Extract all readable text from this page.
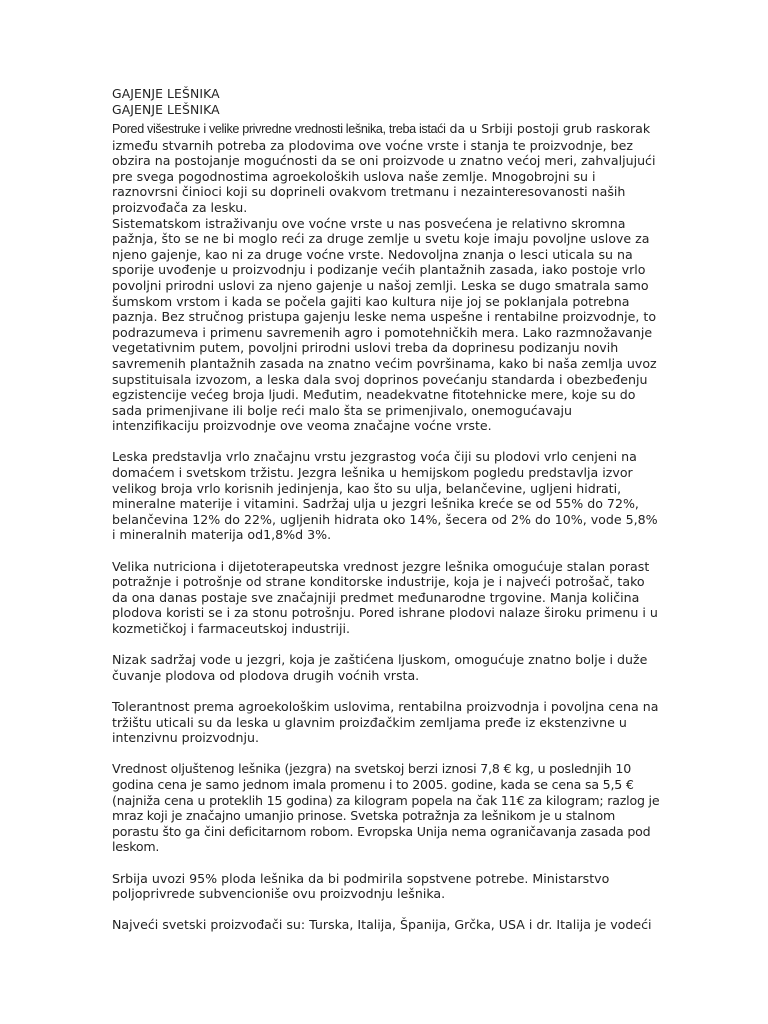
GAJENJE LEŠNIKA
GAJENJE LEŠNIKA

Pored višestruke i velike privredne vrednosti lešnika, treba istaći da u Srbiji postoji grub raskorak između stvarnih potreba za plodovima ove voćne vrste i stanja te proizvodnje, bez obzira na postojanje mogućnosti da se oni proizvode u znatno većoj meri, zahvaljujući pre svega pogodnostima agroekoloških uslova naše zemlje. Mnogobrojni su i raznovrsni činioci koji su doprineli ovakvom tretmanu i nezainteresovanosti naših proizvođača za lesku.

Sistematskom istraživanju ove voćne vrste u nas posvećena je relativno skromna pažnja, što se ne bi moglo reći za druge zemlje u svetu koje imaju povoljne uslove za njeno gajenje, kao ni za druge voćne vrste. Nedovoljna znanja o lesci uticala su na sporije uvođenje u proizvodnju i podizanje većih plantažnih zasada, iako postoje vrlo povoljni prirodni uslovi za njeno gajenje u našoj zemlji. Leska se dugo smatrala samo šumskom vrstom i kada se počela gajiti kao kultura nije joj se poklanjala potrebna paznja. Bez stručnog pristupa gajenju leske nema uspešne i rentabilne proizvodnje, to podrazumeva i primenu savremenih agro i pomotehničkih mera. Lako razmnožavanje vegetativnim putem, povoljni prirodni uslovi treba da doprinesu podizanju novih savremenih plantažnih zasada na znatno većim površinama, kako bi naša zemlja uvoz supstituisala izvozom, a leska dala svoj doprinos povećanju standarda i obezbeđenju egzistencije većeg broja ljudi. Međutim, neadekvatne fitotehnicke mere, koje su do sada primenjivane ili bolje reći malo šta se primenjivalo, onemogućavaju intenzifikaciju proizvodnje ove veoma značajne voćne vrste.

Leska predstavlja vrlo značajnu vrstu jezgrastog voća čiji su plodovi vrlo cenjeni na domaćem i svetskom tržistu. Jezgra lešnika u hemijskom pogledu predstavlja izvor velikog broja vrlo korisnih jedinjenja, kao što su ulja, belančevine, ugljeni hidrati, mineralne materije i vitamini. Sadržaj ulja u jezgri lešnika kreće se od 55% do 72%, belančevina 12% do 22%, ugljenih hidrata oko 14%, šecera od 2% do 10%, vode 5,8% i mineralnih materija od1,8%d 3%.

Velika nutriciona i dijetoterapeutska vrednost jezgre lešnika omogućuje stalan porast potražnje i potrošnje od strane konditorske industrije, koja je i najveći potrošač, tako da ona danas postaje sve značajniji predmet međunarodne trgovine. Manja količina plodova koristi se i za stonu potrošnju. Pored ishrane plodovi nalaze široku primenu i u kozmetičkoj i farmaceutskoj industriji.

Nizak sadržaj vode u jezgri, koja je zaštićena ljuskom, omogućuje znatno bolje i duže čuvanje plodova od plodova drugih voćnih vrsta.

Tolerantnost prema agroekološkim uslovima, rentabilna proizvodnja i povoljna cena na tržištu uticali su da leska u glavnim proizđačkim zemljama pređe iz ekstenzivne u intenzivnu proizvodnju.

Vrednost oljuštenog lešnika (jezgra) na svetskoj berzi iznosi 7,8 € kg, u poslednjih 10 godina cena je samo jednom imala promenu i to 2005. godine, kada se cena sa 5,5 € (najniža cena u proteklih 15 godina) za kilogram popela na čak 11€ za kilogram; razlog je mraz koji je značajno umanjio prinose. Svetska potražnja za lešnikom je u stalnom porastu što ga čini deficitarnom robom. Evropska Unija nema ograničavanja zasada pod leskom.

Srbija uvozi 95% ploda lešnika da bi podmirila sopstvene potrebe. Ministarstvo poljoprivrede subvencioniše ovu proizvodnju lešnika.

Najveći svetski proizvođači su: Turska, Italija, Španija, Grčka, USA i dr. Italija je vodeći
